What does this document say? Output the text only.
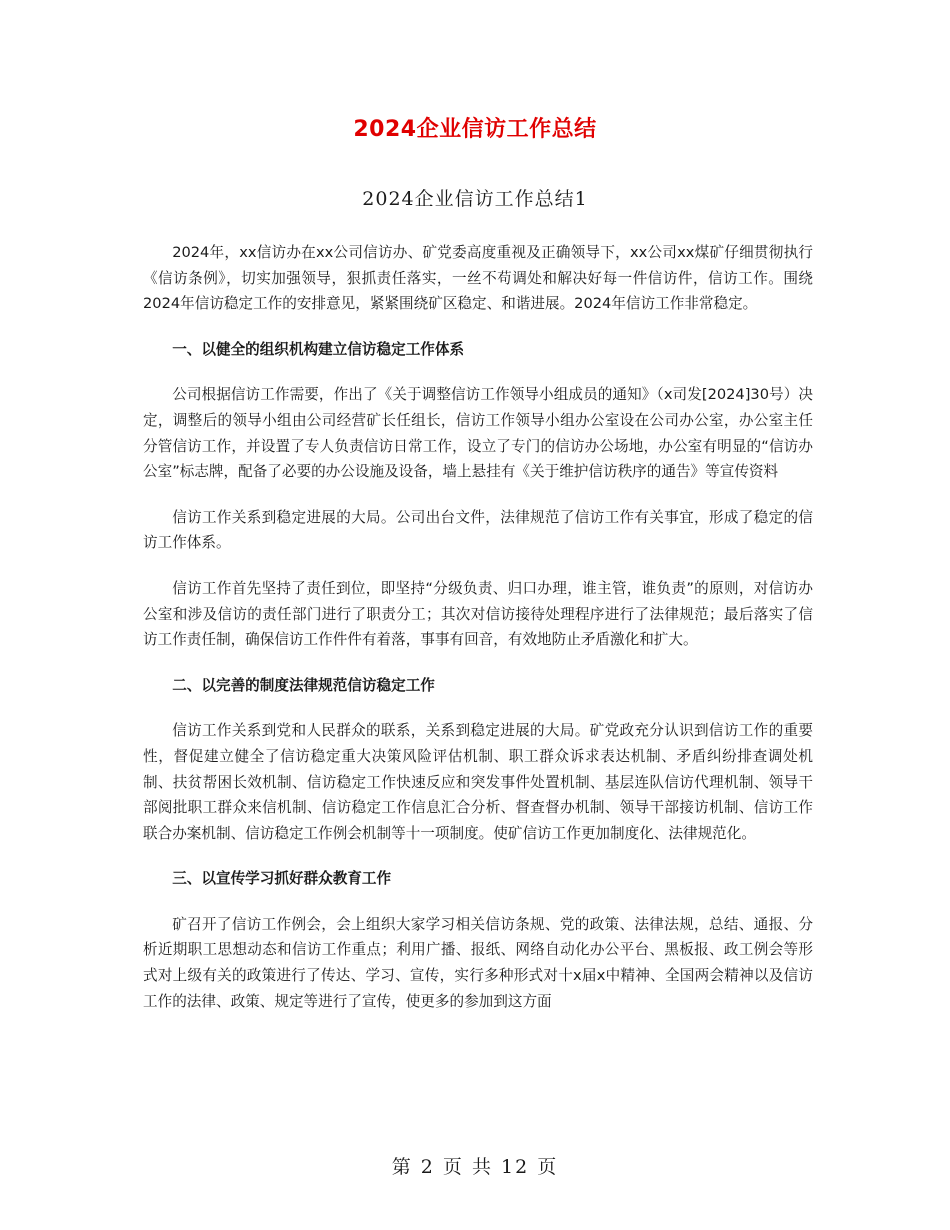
2024企业信访工作总结
2024企业信访工作总结1

2024年，xx信访办在xx公司信访办、矿党委高度重视及正确领导下，xx公司xx煤矿仔细贯彻执行《信访条例》，切实加强领导，狠抓责任落实，一丝不苟调处和解决好每一件信访件，信访工作。围绕2024年信访稳定工作的安排意见，紧紧围绕矿区稳定、和谐进展。2024年信访工作非常稳定。

一、以健全的组织机构建立信访稳定工作体系

公司根据信访工作需要，作出了《关于调整信访工作领导小组成员的通知》（x司发[2024]30号）决定，调整后的领导小组由公司经营矿长任组长，信访工作领导小组办公室设在公司办公室，办公室主任分管信访工作，并设置了专人负责信访日常工作，设立了专门的信访办公场地，办公室有明显的“信访办公室”标志牌，配备了必要的办公设施及设备，墙上悬挂有《关于维护信访秩序的通告》等宣传资料

信访工作关系到稳定进展的大局。公司出台文件，法律规范了信访工作有关事宜，形成了稳定的信访工作体系。

信访工作首先坚持了责任到位，即坚持“分级负责、归口办理，谁主管，谁负责”的原则，对信访办公室和涉及信访的责任部门进行了职责分工；其次对信访接待处理程序进行了法律规范；最后落实了信访工作责任制，确保信访工作件件有着落，事事有回音，有效地防止矛盾激化和扩大。

二、以完善的制度法律规范信访稳定工作

信访工作关系到党和人民群众的联系，关系到稳定进展的大局。矿党政充分认识到信访工作的重要性，督促建立健全了信访稳定重大决策风险评估机制、职工群众诉求表达机制、矛盾纠纷排查调处机制、扶贫帮困长效机制、信访稳定工作快速反应和突发事件处置机制、基层连队信访代理机制、领导干部阅批职工群众来信机制、信访稳定工作信息汇合分析、督查督办机制、领导干部接访机制、信访工作联合办案机制、信访稳定工作例会机制等十一项制度。使矿信访工作更加制度化、法律规范化。

三、以宣传学习抓好群众教育工作

矿召开了信访工作例会，会上组织大家学习相关信访条规、党的政策、法律法规，总结、通报、分析近期职工思想动态和信访工作重点；利用广播、报纸、网络自动化办公平台、黑板报、政工例会等形式对上级有关的政策进行了传达、学习、宣传，实行多种形式对十x届x中精神、全国两会精神以及信访工作的法律、政策、规定等进行了宣传，使更多的参加到这方面

第 2 页 共 12 页
